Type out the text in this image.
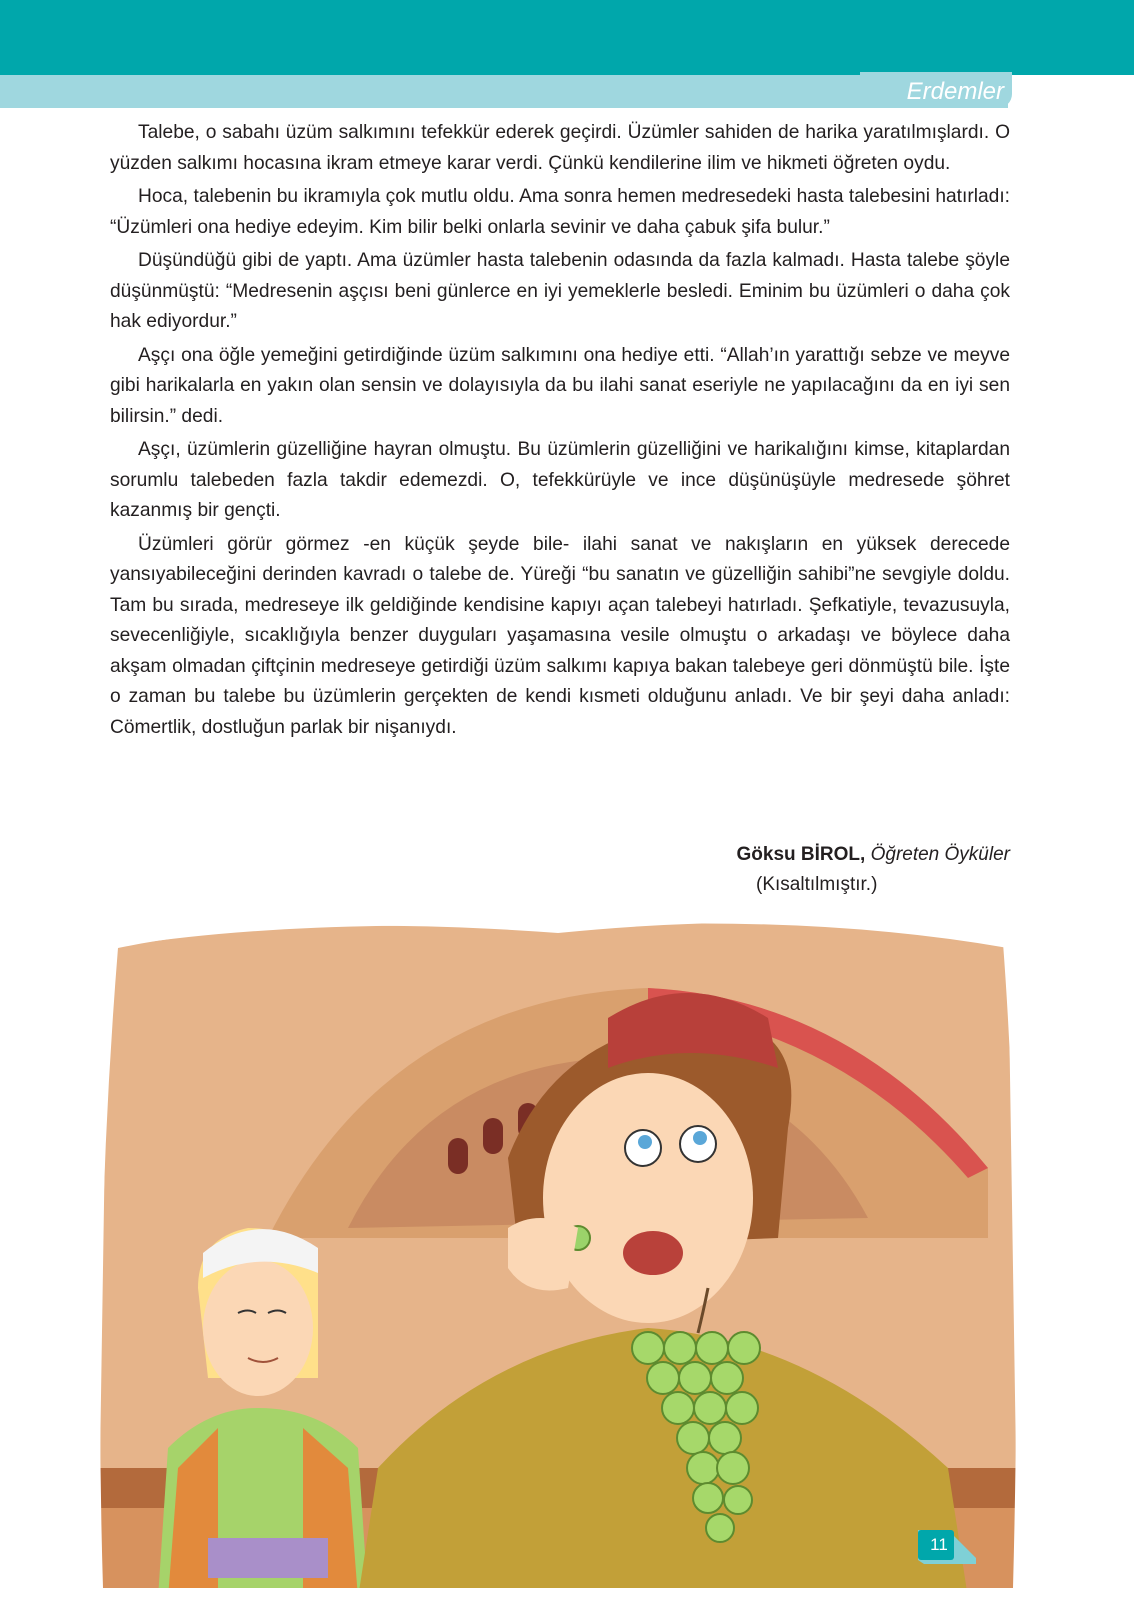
Erdemler

Talebe, o sabahı üzüm salkımını tefekkür ederek geçirdi. Üzümler sahiden de harika yaratılmışlardı. O yüzden salkımı hocasına ikram etmeye karar verdi. Çünkü kendilerine ilim ve hikmeti öğreten oydu.

Hoca, talebenin bu ikramıyla çok mutlu oldu. Ama sonra hemen medresedeki hasta talebesini hatırladı: “Üzümleri ona hediye edeyim. Kim bilir belki onlarla sevinir ve daha çabuk şifa bulur.”

Düşündüğü gibi de yaptı. Ama üzümler hasta talebenin odasında da fazla kalmadı. Hasta talebe şöyle düşünmüştü: “Medresenin aşçısı beni günlerce en iyi yemeklerle besledi. Eminim bu üzümleri o daha çok hak ediyordur.”

Aşçı ona öğle yemeğini getirdiğinde üzüm salkımını ona hediye etti. “Allah’ın yarattığı sebze ve meyve gibi harikalarla en yakın olan sensin ve dolayısıyla da bu ilahi sanat eseriyle ne yapılacağını da en iyi sen bilirsin.” dedi.

Aşçı, üzümlerin güzelliğine hayran olmuştu. Bu üzümlerin güzelliğini ve harikalığını kimse, kitaplardan sorumlu talebeden fazla takdir edemezdi. O, tefekkürüyle ve ince düşünüşüyle medresede şöhret kazanmış bir gençti.

Üzümleri görür görmez -en küçük şeyde bile- ilahi sanat ve nakışların en yüksek derecede yansıyabileceğini derinden kavradı o talebe de. Yüreği “bu sanatın ve güzelliğin sahibi”ne sevgiyle doldu. Tam bu sırada, medreseye ilk geldiğinde kendisine kapıyı açan talebeyi hatırladı. Şefkatiyle, tevazusuyla, sevecenliğiyle, sıcaklığıyla benzer duyguları yaşamasına vesile olmuştu o arkadaşı ve böylece daha akşam olmadan çiftçinin medreseye getirdiği üzüm salkımı kapıya bakan talebeye geri dönmüştü bile. İşte o zaman bu talebe bu üzümlerin gerçekten de kendi kısmeti olduğunu anladı. Ve bir şeyi daha anladı: Cömertlik, dostluğun parlak bir nişanıydı.

Göksu BİROL, Öğreten Öyküler
(Kısaltılmıştır.)
11
